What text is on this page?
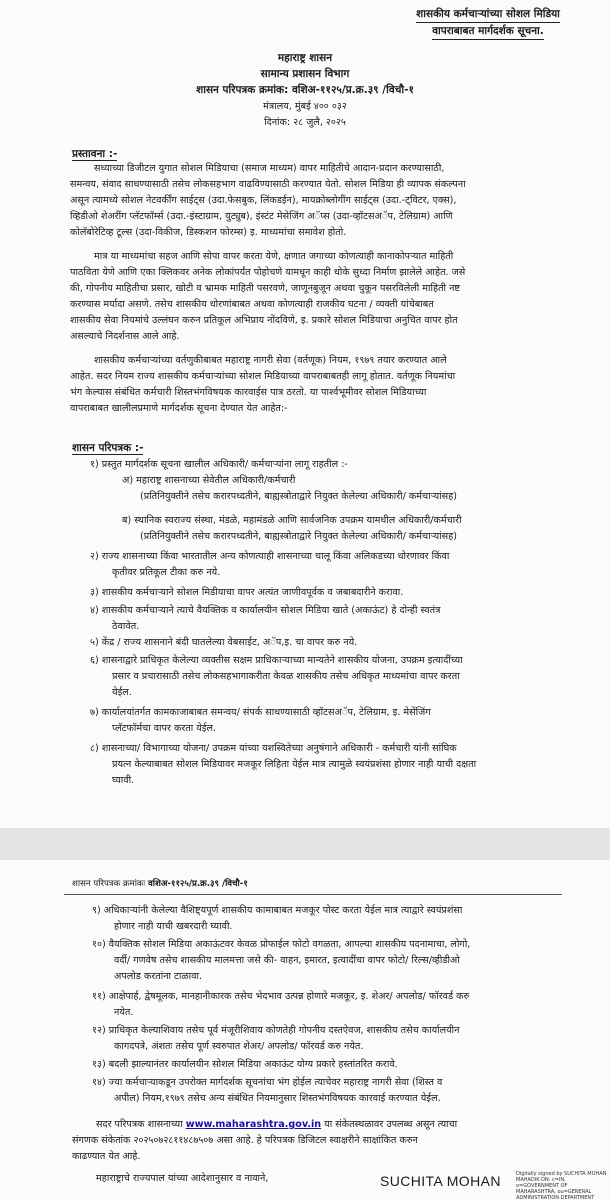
शासकीय कर्मचाऱ्यांच्या सोशल मिडिया
वापराबाबत मार्गदर्शक सूचना.
महाराष्ट्र शासन
सामान्य प्रशासन विभाग
शासन परिपत्रक क्रमांक: वशिअ-११२५/प्र.क्र.३९ /विचौ-१
मंत्रालय, मुंबई ४०० ०३२
दिनांक: २८ जुलै, २०२५
प्रस्तावना :-
सध्याच्या डिजीटल युगात सोशल मिडियाचा (समाज माध्यम) वापर माहितीचे आदान-प्रदान करण्यासाठी,
समन्वय, संवाद साधण्यासाठी तसेच लोकसहभाग वाढविण्यासाठी करण्यात येतो. सोशल मिडिया ही व्यापक संकल्पना
असून त्यामध्ये सोशल नेटवर्कींग साईट्स (उदा.फेसबुक, लिंकडईन), मायक्रोब्लोगींग साईट्स (उदा.-ट्विटर, एक्स),
व्हिडीओ शेअरींग प्लॅटफॉर्म्स (उदा.-इंस्टाग्राम, युट्युब), इंस्टंट मेसेजिंग अॅप्स (उदा-व्हॉटसअॅप, टेलिग्राम) आणि
कोलॅबोरेटिव्ह टूल्स (उदा-विकीज, डिस्कशन फोरम्स) इ. माध्यमांचा समावेश होतो.
मात्र या माध्यमांचा सहज आणि सोपा वापर करता येणे, क्षणात जगाच्या कोणत्याही कानाकोपऱ्यात माहिती
पाठविता येणे आणि एका क्लिकवर अनेक लोकांपर्यंत पोहोचणे यामधून काही धोके सुध्दा निर्माण झालेले आहेत. जसे
की, गोपनीय माहितीचा प्रसार, खोटी व भ्रामक माहिती पसरवणे, जाणूनबुजून अथवा चुकून पसरविलेली माहिती नष्ट
करण्यास मर्यादा असणे. तसेच शासकीय धोरणांबाबत अथवा कोणत्याही राजकीय घटना / व्यक्ती यांचेबाबत
शासकीय सेवा नियमांचे उल्लंघन करुन प्रतिकूल अभिप्राय नोंदविणे, इ. प्रकारे सोशल मिडियाचा अनुचित वापर होत
असल्याचे निदर्शनास आले आहे.
शासकीय कर्मचाऱ्यांच्या वर्तणुकीबाबत महाराष्ट्र नागरी सेवा (वर्तणूक) नियम, १९७९ तयार करण्यात आले
आहेत. सदर नियम राज्य शासकीय कर्मचाऱ्यांच्या सोशल मिडियाच्या वापराबाबतही लागू होतात. वर्तणूक नियमांचा
भंग केल्यास संबंधित कर्मचारी शिस्तभंगविषयक कारवाईस पात्र ठरतो. या पार्श्वभूमीवर सोशल मिडियाच्या
वापराबाबत खालीलप्रमाणे मार्गदर्शक सूचना देण्यात येत आहेत:-
शासन परिपत्रक :-
१) प्रस्तुत मार्गदर्शक सूचना खालील अधिकारी/ कर्मचाऱ्यांना लागू राहतील :-
अ) महाराष्ट्र शासनाच्या सेवेतील अधिकारी/कर्मचारी
(प्रतिनियुक्तीने तसेच करारपध्दतीने, बाह्यस्त्रोताद्वारे नियुक्त केलेल्या अधिकारी/ कर्मचाऱ्यांसह)
ब) स्थानिक स्वराज्य संस्था, मंडळे, महामंडळे आणि सार्वजनिक उपक्रम यामधील अधिकारी/कर्मचारी
(प्रतिनियुक्तीने तसेच करारपध्दतीने, बाह्यस्त्रोताद्वारे नियुक्त केलेल्या अधिकारी/ कर्मचाऱ्यांसह)
२) राज्य शासनाच्या किंवा भारतातील अन्य कोणत्याही शासनाच्या चालू किंवा अलिकडच्या धोरणावर किंवा
कृतीवर प्रतिकूल टीका करु नये.
३) शासकीय कर्मचाऱ्याने सोशल मिडीयाचा वापर अत्यंत जाणीवपूर्वक व जबाबदारीने करावा.
४) शासकीय कर्मचाऱ्याने त्याचे वैयक्तिक व कार्यालयीन सोशल मिडिया खाते (अकाऊंट) हे दोन्ही स्वतंत्र
ठेवावेत.
५) केंद्र / राज्य शासनाने बंदी घातलेल्या वेबसाईट, अॅप,इ. चा वापर करु नये.
६) शासनाद्वारे प्राधिकृत केलेल्या व्यक्तीस सक्षम प्राधिकाऱ्याच्या मान्यतेने शासकीय योजना, उपक्रम इत्यादींच्या
प्रसार व प्रचारासाठी तसेच लोकसहभागाकरीता केवळ शासकीय तसेच अधिकृत माध्यमांचा वापर करता
येईल.
७) कार्यालयांतर्गत कामकाजाबाबत समन्वय/ संपर्क साधण्यासाठी व्हॉटसअॅप, टेलिग्राम, इ. मेसेंजिंग
प्लॅटफॉर्मचा वापर करता येईल.
८) शासनाच्या/ विभागाच्या योजना/ उपक्रम यांच्या यशस्वितेच्या अनुषंगाने अधिकारी - कर्मचारी यांनी सांघिक
प्रयत्न केल्याबाबत सोशल मिडियावर मजकूर लिहिता येईल मात्र त्यामुळे स्वयंप्रशंसा होणार नाही याची दक्षता
घ्यावी.
शासन परिपत्रक क्रमांकः वशिअ-११२५/प्र.क्र.३९ /विचौ-१
९) अधिकाऱ्यांनी केलेल्या वैशिष्ट्यपूर्ण शासकीय कामाबाबत मजकूर पोस्ट करता येईल मात्र त्याद्वारे स्वयंप्रशंसा
होणार नाही याची खबरदारी घ्यावी.
१०) वैयक्तिक सोशल मिडिया अकाऊंटवर केवळ प्रोफाईल फोटो वगळता, आपल्या शासकीय पदनामाचा, लोगो,
वर्दी/ गणवेष तसेच शासकीय मालमत्ता जसे की- वाहन, इमारत, इत्यादींचा वापर फोटो/ रिल्स/व्हीडीओ
अपलोड करतांना टाळावा.
११) आक्षेपार्ह, द्वेषमूलक, मानहानीकारक तसेच भेदभाव उत्पन्न होणारे मजकूर, इ. शेअर/ अपलोड/ फॉरवर्ड करु
नयेत.
१२) प्राधिकृत केल्याशिवाय तसेच पूर्व मंजूरीशिवाय कोणतेही गोपनीय दस्तऐवज, शासकीय तसेच कार्यालयीन
कागदपत्रे, अंशतः तसेच पूर्ण स्वरुपात शेअर/ अपलोड/ फॉरवर्ड करु नयेत.
१३) बदली झाल्यानंतर कार्यालयीन सोशल मिडिया अकाऊंट योग्य प्रकारे हस्तांतरित करावे.
१४) ज्या कर्मचाऱ्याकडून उपरोक्त मार्गदर्शक सूचनांचा भंग होईल त्याचेवर महाराष्ट्र नागरी सेवा (शिस्त व
अपील) नियम,१९७९ तसेच अन्य संबंधित नियमानुसार शिस्तभंगविषयक कारवाई करण्यात येईल.
सदर परिपत्रक शासनाच्या www.maharashtra.gov.in या संकेतस्थळावर उपलब्ध असून त्याचा
संगणक संकेतांक २०२५०७२८११४८७५०७ असा आहे. हे परिपत्रक डिजिटल स्वाक्षरीने साक्षांकित करुन
काढण्यात येत आहे.
महाराष्ट्राचे राज्यपाल यांच्या आदेशानुसार व नावाने,	SUCHITA MOHAN	Digitally signed by SUCHITA MOHAN MAHADIK DN: c=IN, o=GOVERNMENT OF MAHARASHTRA, ou=GENERAL ADMINISTRATION DEPARTMENT
